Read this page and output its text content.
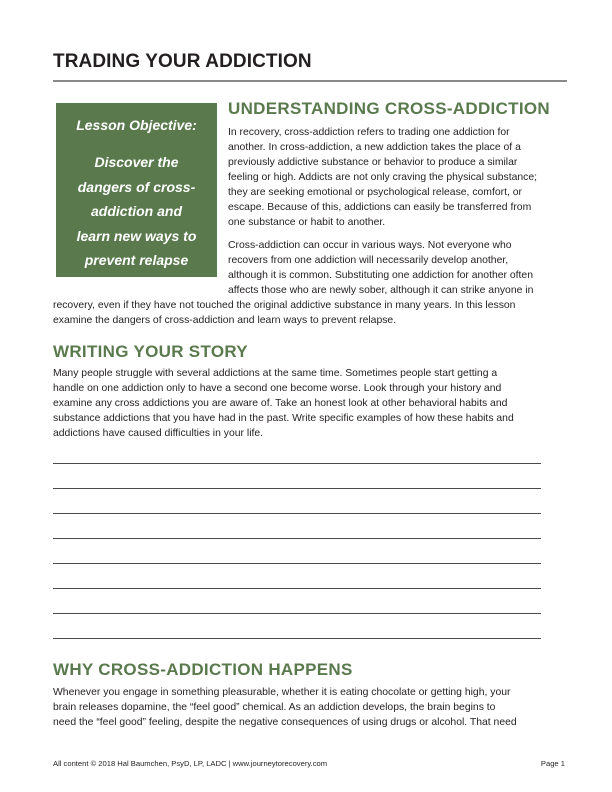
TRADING YOUR ADDICTION
Lesson Objective:
Discover the
dangers of cross-
addiction and
learn new ways to
prevent relapse
UNDERSTANDING CROSS-ADDICTION
In recovery, cross-addiction refers to trading one addiction for
another. In cross-addiction, a new addiction takes the place of a
previously addictive substance or behavior to produce a similar
feeling or high. Addicts are not only craving the physical substance;
they are seeking emotional or psychological release, comfort, or
escape. Because of this, addictions can easily be transferred from
one substance or habit to another.
Cross-addiction can occur in various ways. Not everyone who
recovers from one addiction will necessarily develop another,
although it is common. Substituting one addiction for another often
affects those who are newly sober, although it can strike anyone in
recovery, even if they have not touched the original addictive substance in many years. In this lesson
examine the dangers of cross-addiction and learn ways to prevent relapse.
WRITING YOUR STORY
Many people struggle with several addictions at the same time. Sometimes people start getting a
handle on one addiction only to have a second one become worse. Look through your history and
examine any cross addictions you are aware of. Take an honest look at other behavioral habits and
substance addictions that you have had in the past. Write specific examples of how these habits and
addictions have caused difficulties in your life.
WHY CROSS-ADDICTION HAPPENS
Whenever you engage in something pleasurable, whether it is eating chocolate or getting high, your
brain releases dopamine, the “feel good” chemical. As an addiction develops, the brain begins to
need the “feel good” feeling, despite the negative consequences of using drugs or alcohol. That need
All content © 2018 Hal Baumchen, PsyD, LP, LADC | www.journeytorecovery.com	Page 1
